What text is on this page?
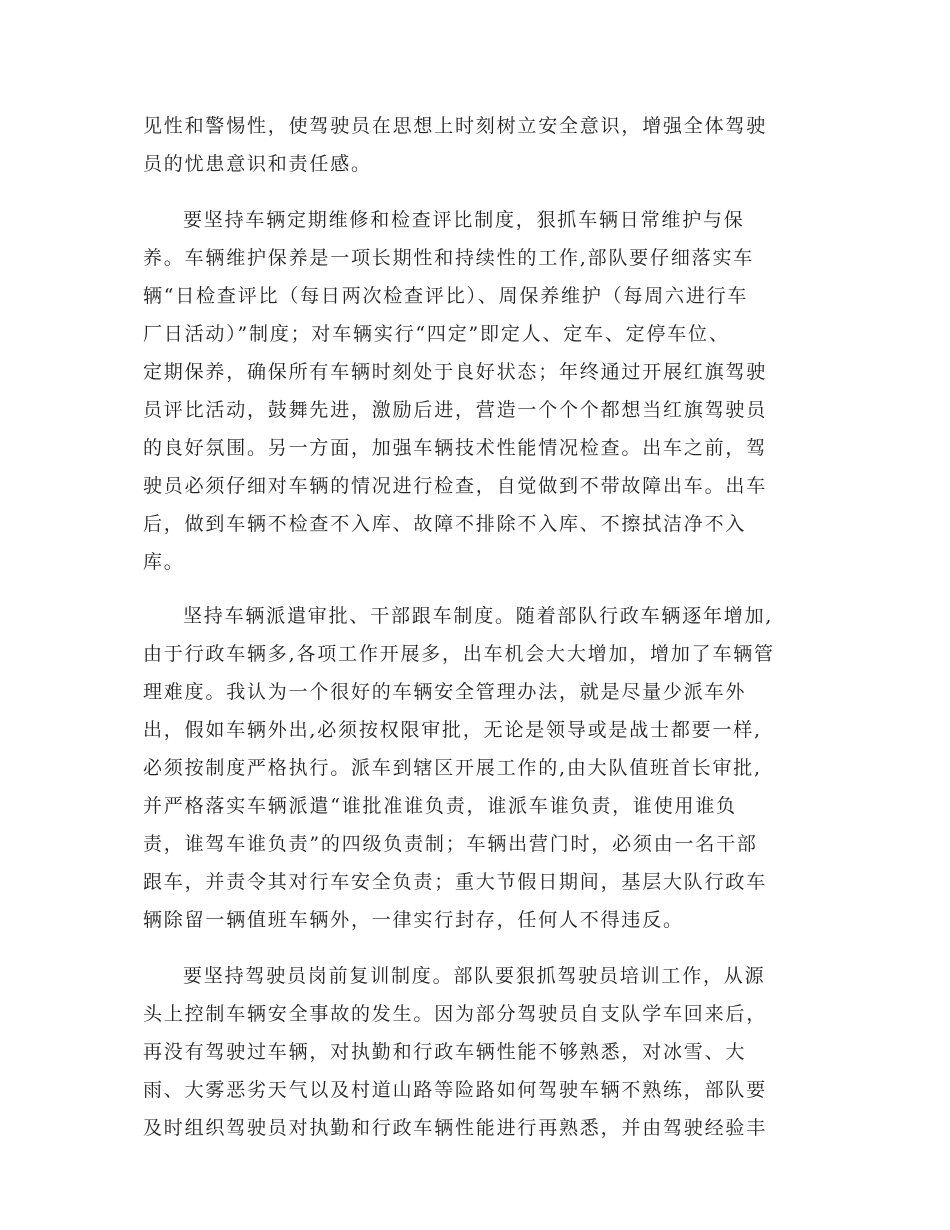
见性和警惕性，使驾驶员在思想上时刻树立安全意识，增强全体驾驶
员的忧患意识和责任感。
要坚持车辆定期维修和检查评比制度，狠抓车辆日常维护与保
养。车辆维护保养是一项长期性和持续性的工作,部队要仔细落实车
辆“日检查评比（每日两次检查评比）、周保养维护（每周六进行车
厂日活动）”制度；对车辆实行“四定”即定人、定车、定停车位、
定期保养，确保所有车辆时刻处于良好状态；年终通过开展红旗驾驶
员评比活动，鼓舞先进，激励后进，营造一个个个都想当红旗驾驶员
的良好氛围。另一方面，加强车辆技术性能情况检查。出车之前，驾
驶员必须仔细对车辆的情况进行检查，自觉做到不带故障出车。出车
后，做到车辆不检查不入库、故障不排除不入库、不擦拭洁净不入
库。
坚持车辆派遣审批、干部跟车制度。随着部队行政车辆逐年增加,
由于行政车辆多,各项工作开展多，出车机会大大增加，增加了车辆管
理难度。我认为一个很好的车辆安全管理办法，就是尽量少派车外
出，假如车辆外出,必须按权限审批，无论是领导或是战士都要一样,
必须按制度严格执行。派车到辖区开展工作的,由大队值班首长审批,
并严格落实车辆派遣“谁批准谁负责，谁派车谁负责，谁使用谁负
责，谁驾车谁负责”的四级负责制；车辆出营门时，必须由一名干部
跟车，并责令其对行车安全负责；重大节假日期间，基层大队行政车
辆除留一辆值班车辆外，一律实行封存，任何人不得违反。
要坚持驾驶员岗前复训制度。部队要狠抓驾驶员培训工作，从源
头上控制车辆安全事故的发生。因为部分驾驶员自支队学车回来后，
再没有驾驶过车辆，对执勤和行政车辆性能不够熟悉，对冰雪、大
雨、大雾恶劣天气以及村道山路等险路如何驾驶车辆不熟练，部队要
及时组织驾驶员对执勤和行政车辆性能进行再熟悉，并由驾驶经验丰
